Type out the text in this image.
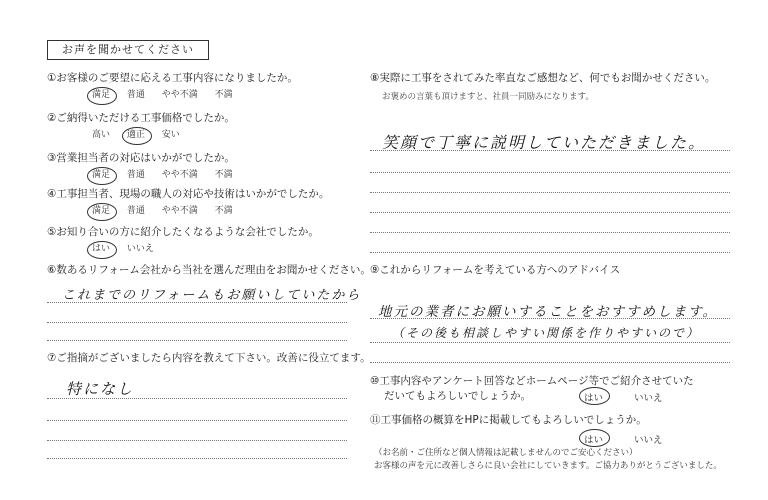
お声を聞かせてください
①お客様のご要望に応える工事内容になりましたか。
満足 普通 やや不満 不満
②ご納得いただける工事価格でしたか。
高い 適正 安い
③営業担当者の対応はいかがでしたか。
満足 普通 やや不満 不満
④工事担当者、現場の職人の対応や技術はいかがでしたか。
満足 普通 やや不満 不満
⑤お知り合いの方に紹介したくなるような会社でしたか。
はい いいえ
⑥数あるリフォーム会社から当社を選んだ理由をお聞かせください。
これまでのリフォームもお願いしていたから
⑦ご指摘がございましたら内容を教えて下さい。改善に役立てます。
特になし
⑧実際に工事をされてみた率直なご感想など、何でもお聞かせください。
お褒めの言葉も頂けますと、社員一同励みになります。
笑顔で丁寧に説明していただきました。
⑨これからリフォームを考えている方へのアドバイス
地元の業者にお願いすることをおすすめします。
（その後も相談しやすい関係を作りやすいので）
⑩工事内容やアンケート回答などホームページ等でご紹介させていた
だいてもよろしいでしょうか。	はい	いいえ
⑪工事価格の概算をHPに掲載してもよろしいでしょうか。
はい	いいえ
（お名前・ご住所など個人情報は記載しませんのでご安心ください）
お客様の声を元に改善しさらに良い会社にしていきます。ご協力ありがとうございました。
